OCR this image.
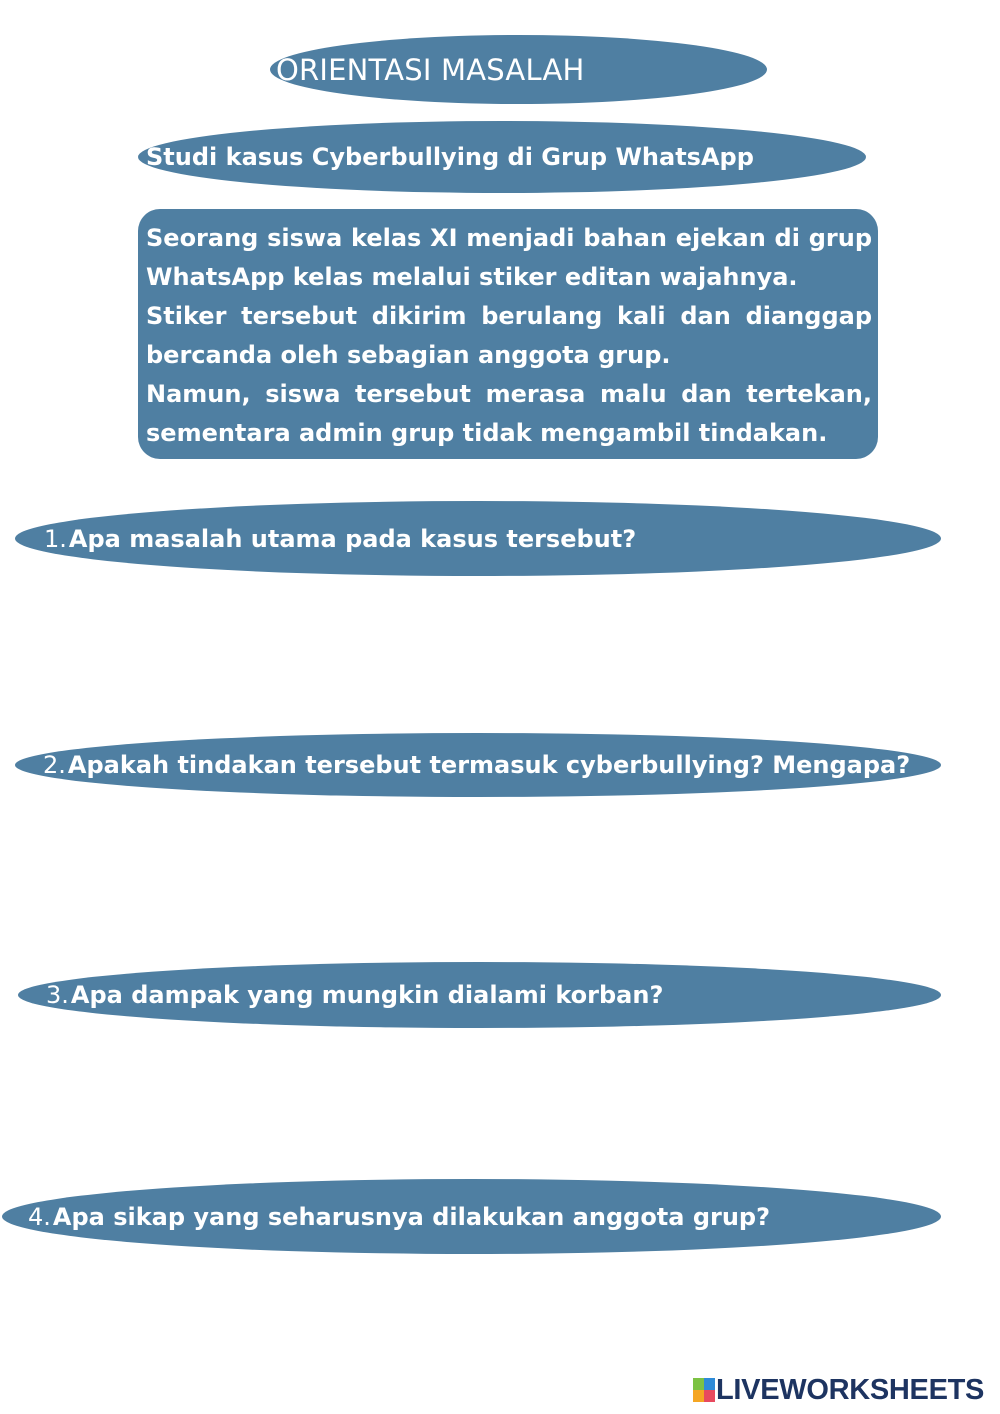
ORIENTASI MASALAH
Studi kasus Cyberbullying di Grup WhatsApp

Seorang siswa kelas XI menjadi bahan ejekan di grup WhatsApp kelas melalui stiker editan wajahnya.

Stiker tersebut dikirim berulang kali dan dianggap bercanda oleh sebagian anggota grup.

Namun, siswa tersebut merasa malu dan tertekan, sementara admin grup tidak mengambil tindakan.

1. Apa masalah utama pada kasus tersebut?
2. Apakah tindakan tersebut termasuk cyberbullying? Mengapa?
3. Apa dampak yang mungkin dialami korban?
4. Apa sikap yang seharusnya dilakukan anggota grup?
LIVEWORKSHEETS
